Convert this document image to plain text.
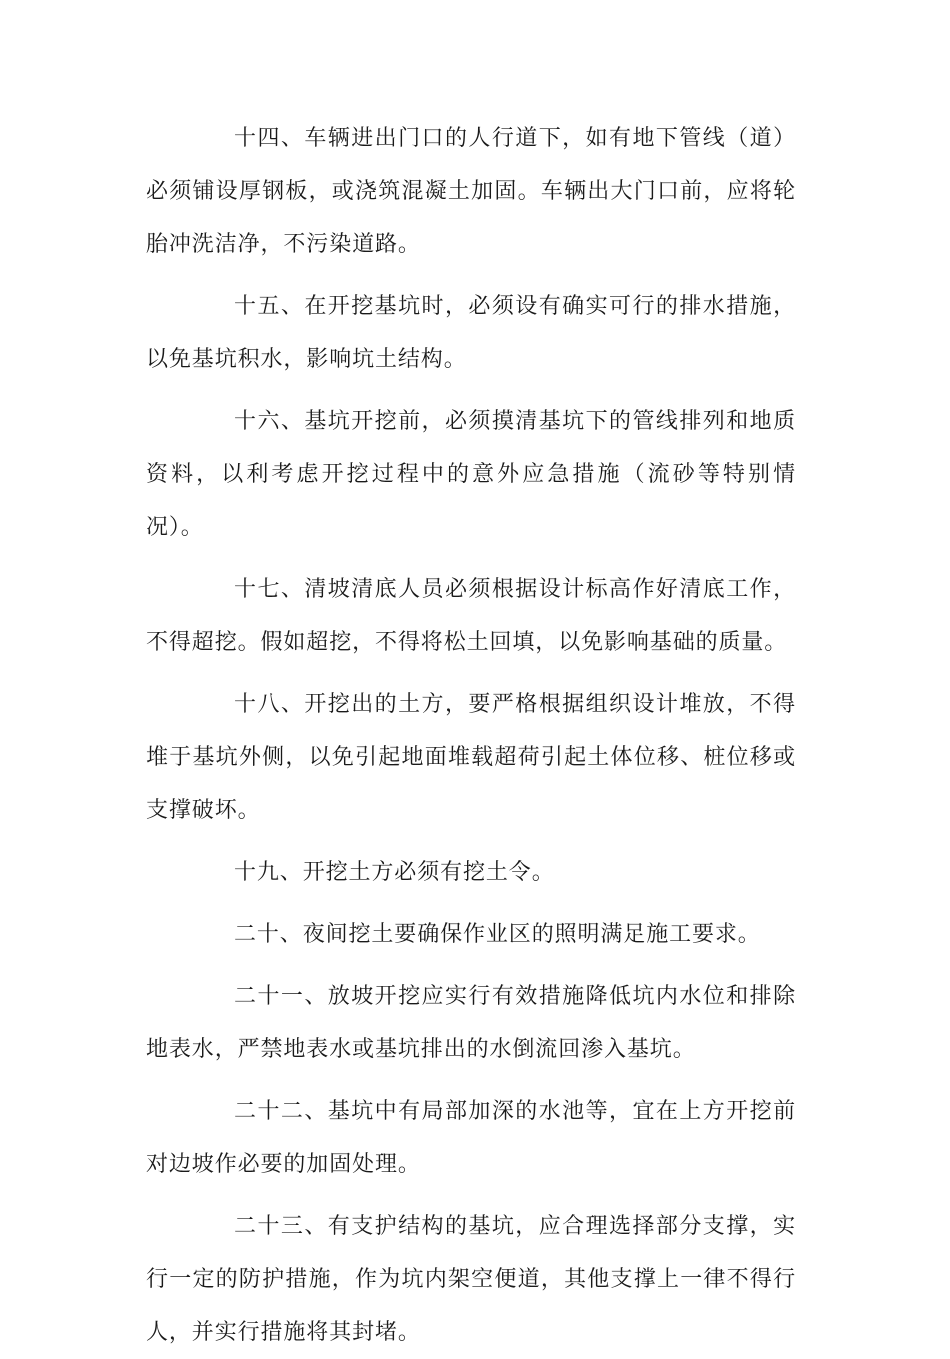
十四、车辆进出门口的人行道下，如有地下管线（道）必须铺设厚钢板，或浇筑混凝土加固。车辆出大门口前，应将轮胎冲洗洁净，不污染道路。

十五、在开挖基坑时，必须设有确实可行的排水措施，以免基坑积水，影响坑土结构。

十六、基坑开挖前，必须摸清基坑下的管线排列和地质资料，以利考虑开挖过程中的意外应急措施（流砂等特别情况）。

十七、清坡清底人员必须根据设计标高作好清底工作，不得超挖。假如超挖，不得将松土回填，以免影响基础的质量。

十八、开挖出的土方，要严格根据组织设计堆放，不得堆于基坑外侧，以免引起地面堆载超荷引起土体位移、桩位移或支撑破坏。

十九、开挖土方必须有挖土令。

二十、夜间挖土要确保作业区的照明满足施工要求。

二十一、放坡开挖应实行有效措施降低坑内水位和排除地表水，严禁地表水或基坑排出的水倒流回渗入基坑。

二十二、基坑中有局部加深的水池等，宜在上方开挖前对边坡作必要的加固处理。

二十三、有支护结构的基坑，应合理选择部分支撑，实行一定的防护措施，作为坑内架空便道，其他支撑上一律不得行人，并实行措施将其封堵。
